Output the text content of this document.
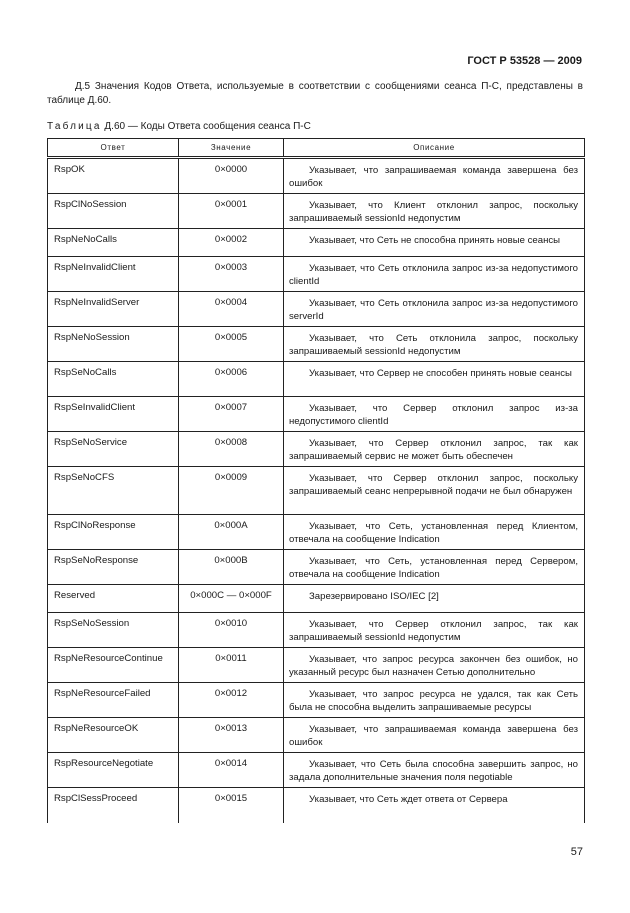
ГОСТ Р 53528 — 2009

Д.5 Значения Кодов Ответа, используемые в соответствии с сообщениями сеанса П-С, представлены в таблице Д.60.

Таблица Д.60 — Коды Ответа сообщения сеанса П-С
Ответ	Значение	Описание
RspOK	0×0000	Указывает, что запрашиваемая команда завершена без ошибок
RspClNoSession	0×0001	Указывает, что Клиент отклонил запрос, поскольку запрашиваемый sessionId недопустим
RspNeNoCalls	0×0002	Указывает, что Сеть не способна принять новые сеансы
RspNeInvalidClient	0×0003	Указывает, что Сеть отклонила запрос из-за недопустимого clientId
RspNeInvalidServer	0×0004	Указывает, что Сеть отклонила запрос из-за недопустимого serverId
RspNeNoSession	0×0005	Указывает, что Сеть отклонила запрос, поскольку запрашиваемый sessionId недопустим
RspSeNoCalls	0×0006	Указывает, что Сервер не способен принять новые сеансы
RspSeInvalidClient	0×0007	Указывает, что Сервер отклонил запрос из-за недопустимого clientId
RspSeNoService	0×0008	Указывает, что Сервер отклонил запрос, так как запрашиваемый сервис не может быть обеспечен
RspSeNoCFS	0×0009	Указывает, что Сервер отклонил запрос, поскольку запрашиваемый сеанс непрерывной подачи не был обнаружен
RspClNoResponse	0×000A	Указывает, что Сеть, установленная перед Клиентом, отвечала на сообщение Indication
RspSeNoResponse	0×000B	Указывает, что Сеть, установленная перед Сервером, отвечала на сообщение Indication
Reserved	0×000C — 0×000F	Зарезервировано ISO/IEC [2]
RspSeNoSession	0×0010	Указывает, что Сервер отклонил запрос, так как запрашиваемый sessionId недопустим
RspNeResourceContinue	0×0011	Указывает, что запрос ресурса закончен без ошибок, но указанный ресурс был назначен Сетью дополнительно
RspNeResourceFailed	0×0012	Указывает, что запрос ресурса не удался, так как Сеть была не способна выделить запрашиваемые ресурсы
RspNeResourceOK	0×0013	Указывает, что запрашиваемая команда завершена без ошибок
RspResourceNegotiate	0×0014	Указывает, что Сеть была способна завершить запрос, но задала дополнительные значения поля negotiable
RspClSessProceed	0×0015	Указывает, что Сеть ждет ответа от Сервера
57
